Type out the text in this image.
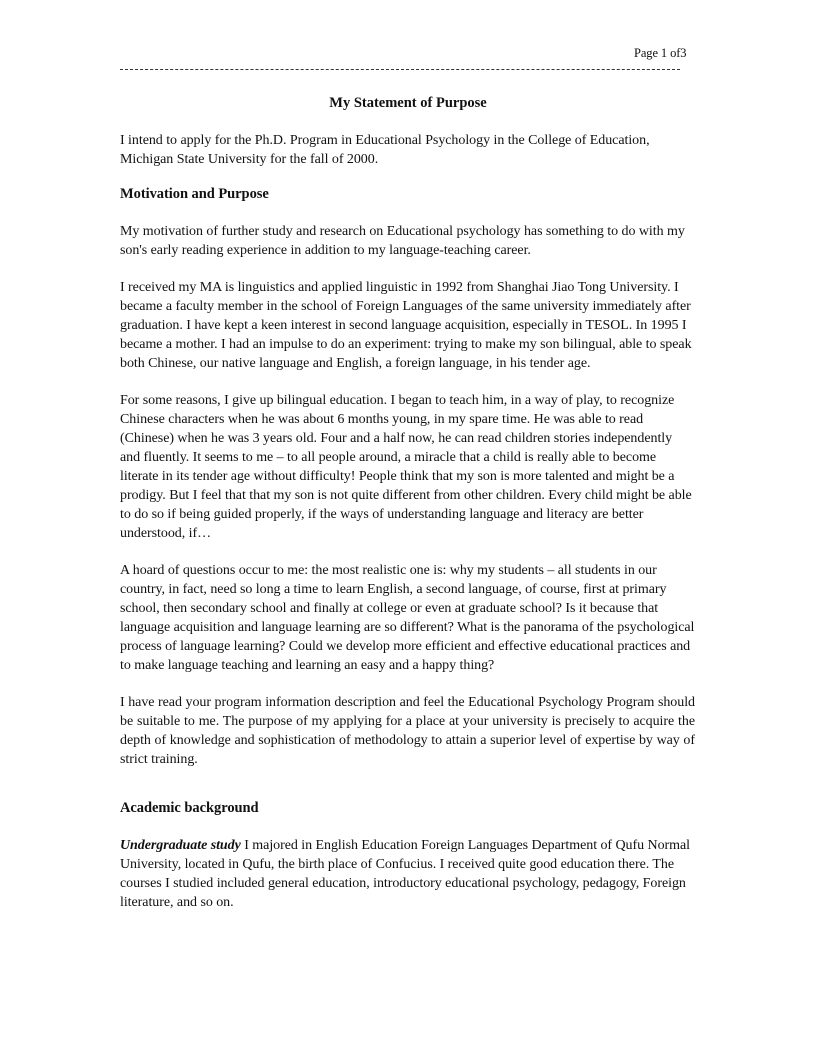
Page 1 of3
My Statement of Purpose

I intend to apply for the Ph.D. Program in Educational Psychology in the College of Education, Michigan State University for the fall of 2000.

Motivation and Purpose

My motivation of further study and research on Educational psychology has something to do with my son's early reading experience in addition to my language-teaching career.

I received my MA is linguistics and applied linguistic in 1992 from Shanghai Jiao Tong University. I became a faculty member in the school of Foreign Languages of the same university immediately after graduation. I have kept a keen interest in second language acquisition, especially in TESOL. In 1995 I became a mother. I had an impulse to do an experiment: trying to make my son bilingual, able to speak both Chinese, our native language and English, a foreign language, in his tender age.

For some reasons, I give up bilingual education. I began to teach him, in a way of play, to recognize Chinese characters when he was about 6 months young, in my spare time. He was able to read (Chinese) when he was 3 years old. Four and a half now, he can read children stories independently and fluently. It seems to me – to all people around, a miracle that a child is really able to become literate in its tender age without difficulty! People think that my son is more talented and might be a prodigy. But I feel that that my son is not quite different from other children. Every child might be able to do so if being guided properly, if the ways of understanding language and literacy are better understood, if…

A hoard of questions occur to me: the most realistic one is: why my students – all students in our country, in fact, need so long a time to learn English, a second language, of course, first at primary school, then secondary school and finally at college or even at graduate school? Is it because that language acquisition and language learning are so different? What is the panorama of the psychological process of language learning? Could we develop more efficient and effective educational practices and to make language teaching and learning an easy and a happy thing?

I have read your program information description and feel the Educational Psychology Program should be suitable to me. The purpose of my applying for a place at your university is precisely to acquire the depth of knowledge and sophistication of methodology to attain a superior level of expertise by way of strict training.

Academic background

Undergraduate study I majored in English Education Foreign Languages Department of Qufu Normal University, located in Qufu, the birth place of Confucius. I received quite good education there. The courses I studied included general education, introductory educational psychology, pedagogy, Foreign literature, and so on.
